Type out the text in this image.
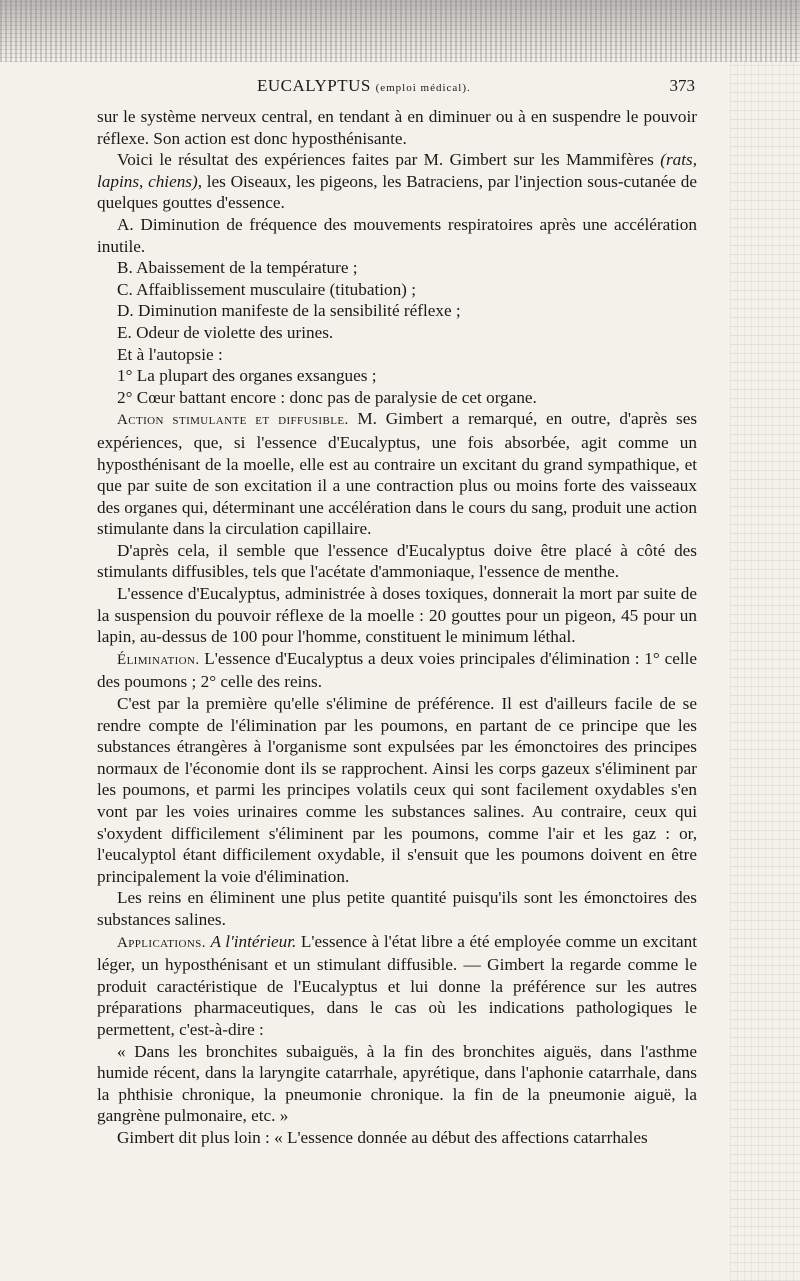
EUCALYPTUS (emploi médical).	373

sur le système nerveux central, en tendant à en diminuer ou à en suspendre le pouvoir réflexe. Son action est donc hyposthénisante.

Voici le résultat des expériences faites par M. Gimbert sur les Mammifères (rats, lapins, chiens), les Oiseaux, les pigeons, les Batraciens, par l'injection sous-cutanée de quelques gouttes d'essence.

A. Diminution de fréquence des mouvements respiratoires après une accélération inutile.

B. Abaissement de la température ;

C. Affaiblissement musculaire (titubation) ;

D. Diminution manifeste de la sensibilité réflexe ;

E. Odeur de violette des urines.

Et à l'autopsie :

1° La plupart des organes exsangues ;

2° Cœur battant encore : donc pas de paralysie de cet organe.

Action stimulante et diffusible. M. Gimbert a remarqué, en outre, d'après ses expériences, que, si l'essence d'Eucalyptus, une fois absorbée, agit comme un hyposthénisant de la moelle, elle est au contraire un excitant du grand sympathique, et que par suite de son excitation il a une contraction plus ou moins forte des vaisseaux des organes qui, déterminant une accélération dans le cours du sang, produit une action stimulante dans la circulation capillaire.

D'après cela, il semble que l'essence d'Eucalyptus doive être placé à côté des stimulants diffusibles, tels que l'acétate d'ammoniaque, l'essence de menthe.

L'essence d'Eucalyptus, administrée à doses toxiques, donnerait la mort par suite de la suspension du pouvoir réflexe de la moelle : 20 gouttes pour un pigeon, 45 pour un lapin, au-dessus de 100 pour l'homme, constituent le minimum léthal.

Élimination. L'essence d'Eucalyptus a deux voies principales d'élimination : 1° celle des poumons ; 2° celle des reins.

C'est par la première qu'elle s'élimine de préférence. Il est d'ailleurs facile de se rendre compte de l'élimination par les poumons, en partant de ce principe que les substances étrangères à l'organisme sont expulsées par les émonctoires des principes normaux de l'économie dont ils se rapprochent. Ainsi les corps gazeux s'éliminent par les poumons, et parmi les principes volatils ceux qui sont facilement oxydables s'en vont par les voies urinaires comme les substances salines. Au contraire, ceux qui s'oxydent difficilement s'éliminent par les poumons, comme l'air et les gaz : or, l'eucalyptol étant difficilement oxydable, il s'ensuit que les poumons doivent en être principalement la voie d'élimination.

Les reins en éliminent une plus petite quantité puisqu'ils sont les émonctoires des substances salines.

Applications. A l'intérieur. L'essence à l'état libre a été employée comme un excitant léger, un hyposthénisant et un stimulant diffusible. — Gimbert la regarde comme le produit caractéristique de l'Eucalyptus et lui donne la préférence sur les autres préparations pharmaceutiques, dans le cas où les indications pathologiques le permettent, c'est-à-dire :

« Dans les bronchites subaiguës, à la fin des bronchites aiguës, dans l'asthme humide récent, dans la laryngite catarrhale, apyrétique, dans l'aphonie catarrhale, dans la phthisie chronique, la pneumonie chronique. la fin de la pneumonie aiguë, la gangrène pulmonaire, etc. »

Gimbert dit plus loin : « L'essence donnée au début des affections catarrhales
